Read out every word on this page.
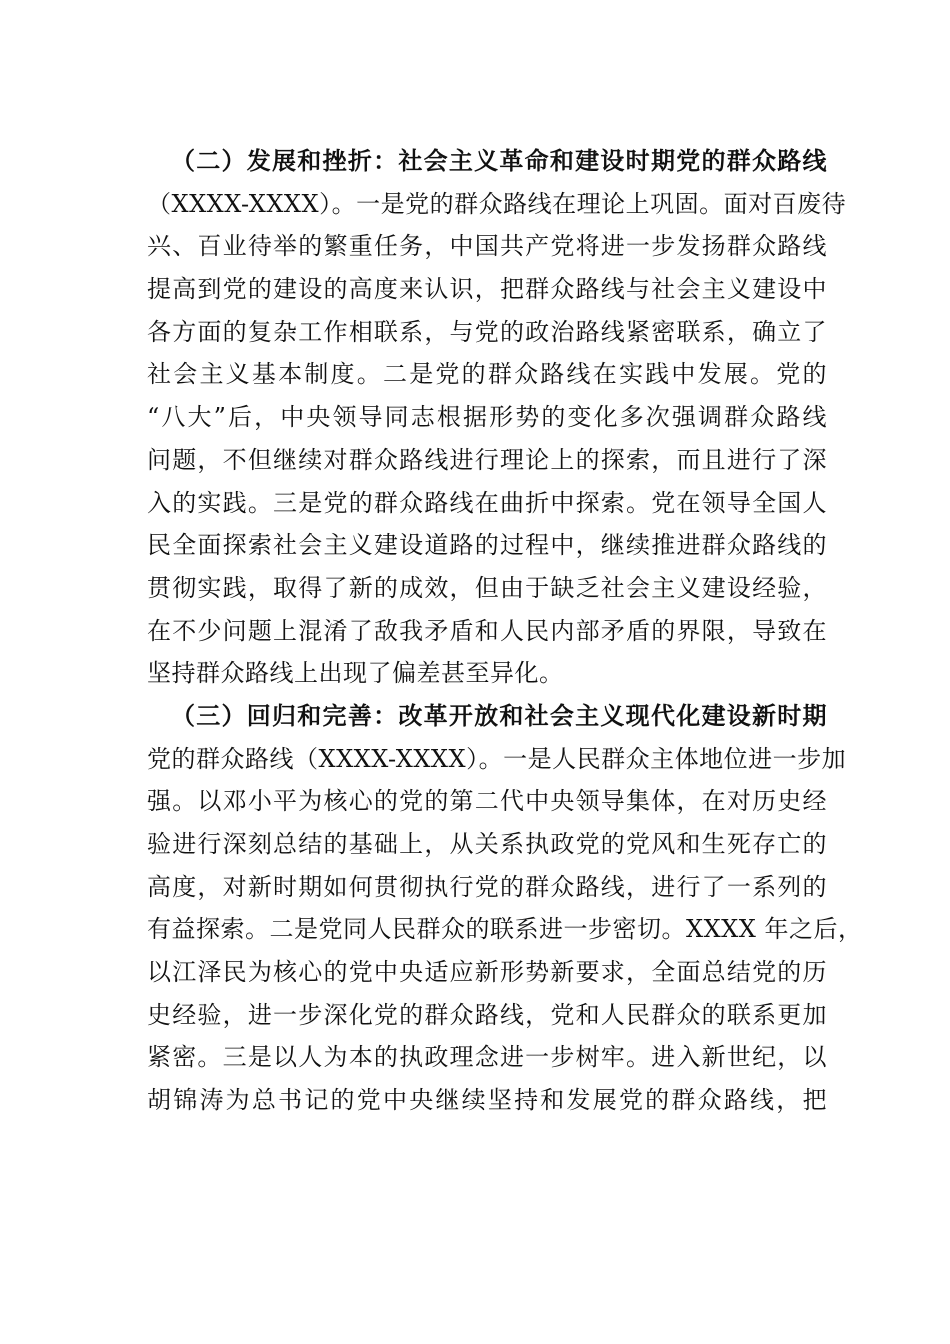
（二）发展和挫折：社会主义革命和建设时期党的群众路线
（XXXX-XXXX）。一是党的群众路线在理论上巩固。面对百废待
兴、百业待举的繁重任务，中国共产党将进一步发扬群众路线
提高到党的建设的高度来认识，把群众路线与社会主义建设中
各方面的复杂工作相联系，与党的政治路线紧密联系，确立了
社会主义基本制度。二是党的群众路线在实践中发展。党的
“八大”后，中央领导同志根据形势的变化多次强调群众路线
问题，不但继续对群众路线进行理论上的探索，而且进行了深
入的实践。三是党的群众路线在曲折中探索。党在领导全国人
民全面探索社会主义建设道路的过程中，继续推进群众路线的
贯彻实践，取得了新的成效，但由于缺乏社会主义建设经验，
在不少问题上混淆了敌我矛盾和人民内部矛盾的界限，导致在
坚持群众路线上出现了偏差甚至异化。
（三）回归和完善：改革开放和社会主义现代化建设新时期
党的群众路线（XXXX-XXXX）。一是人民群众主体地位进一步加
强。以邓小平为核心的党的第二代中央领导集体，在对历史经
验进行深刻总结的基础上，从关系执政党的党风和生死存亡的
高度，对新时期如何贯彻执行党的群众路线，进行了一系列的
有益探索。二是党同人民群众的联系进一步密切。XXXX 年之后，
以江泽民为核心的党中央适应新形势新要求，全面总结党的历
史经验，进一步深化党的群众路线，党和人民群众的联系更加
紧密。三是以人为本的执政理念进一步树牢。进入新世纪，以
胡锦涛为总书记的党中央继续坚持和发展党的群众路线，把
